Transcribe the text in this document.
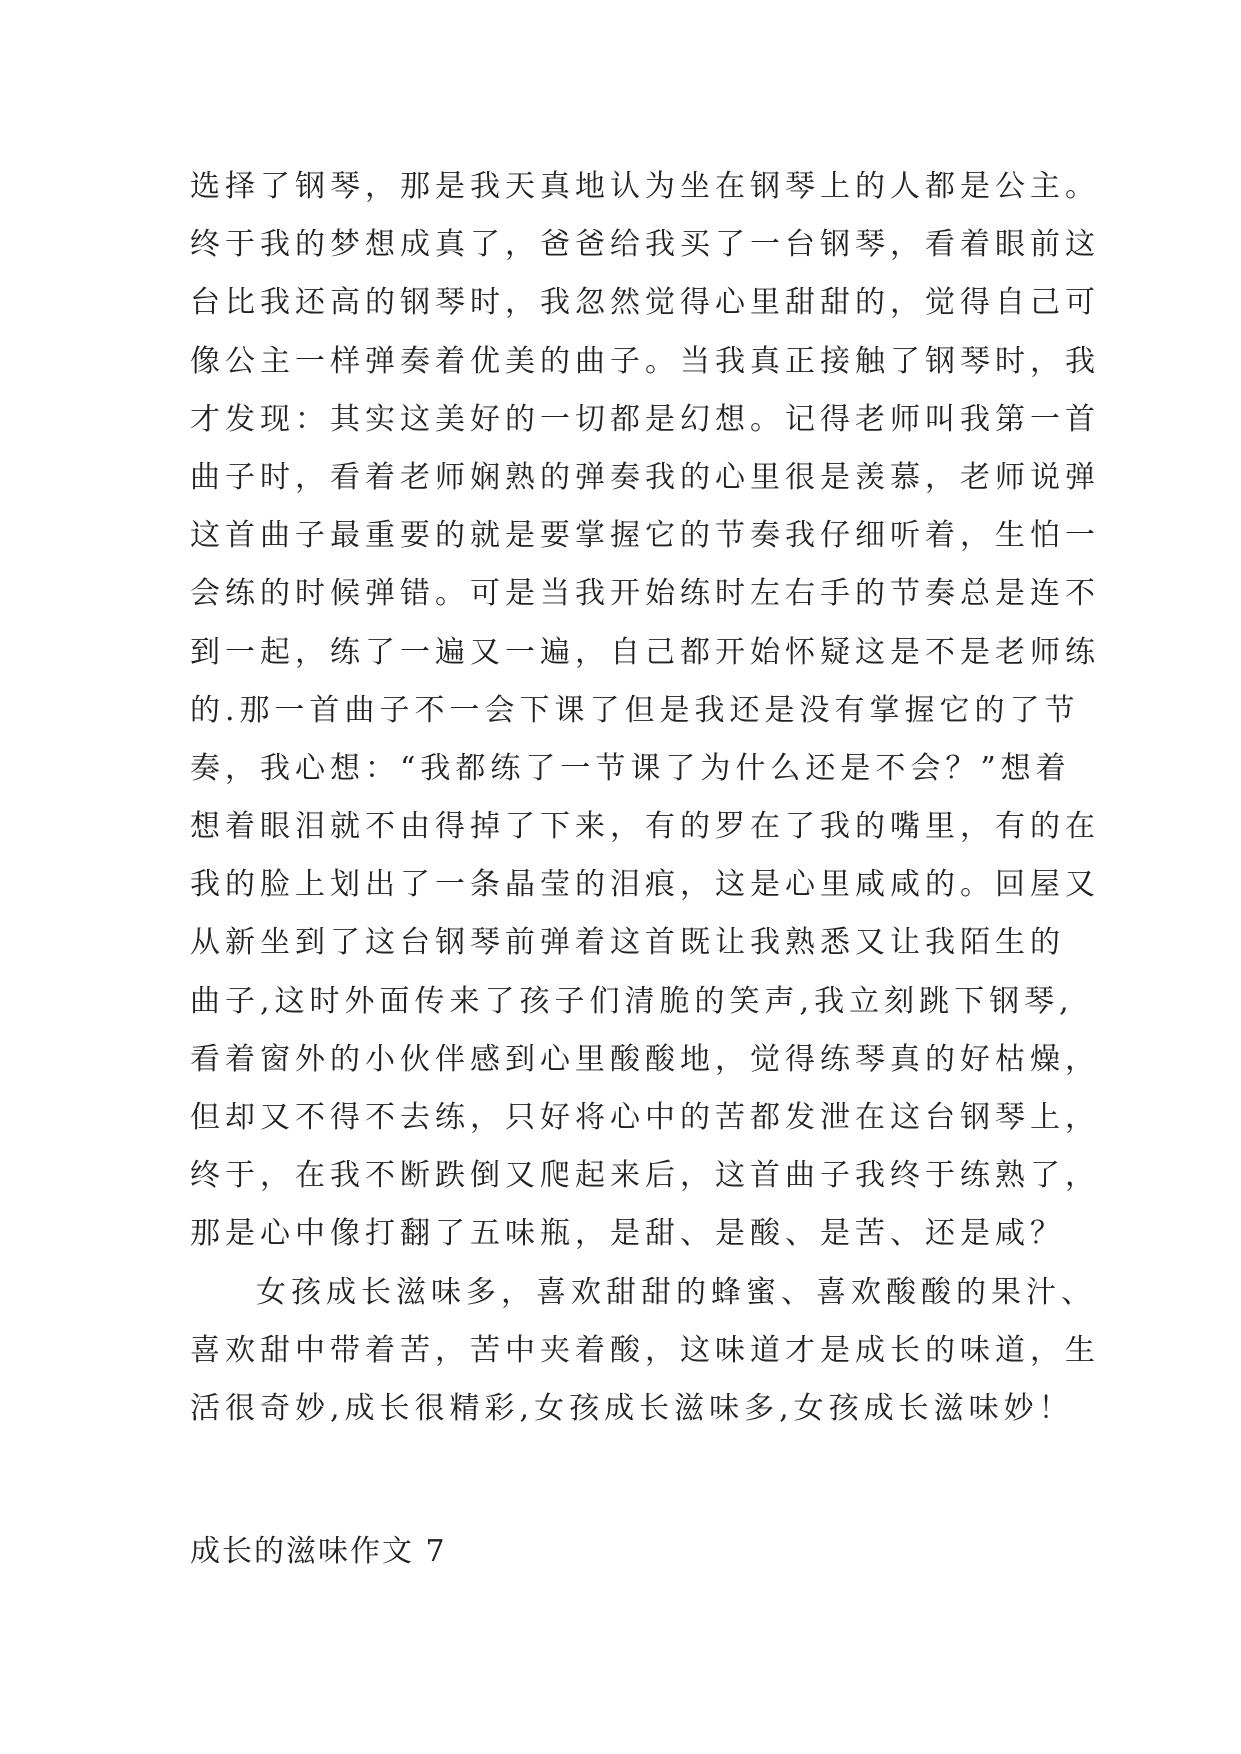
选择了钢琴，那是我天真地认为坐在钢琴上的人都是公主。
终于我的梦想成真了，爸爸给我买了一台钢琴，看着眼前这
台比我还高的钢琴时，我忽然觉得心里甜甜的，觉得自己可
像公主一样弹奏着优美的曲子。当我真正接触了钢琴时，我
才发现：其实这美好的一切都是幻想。记得老师叫我第一首
曲子时，看着老师娴熟的弹奏我的心里很是羡慕，老师说弹
这首曲子最重要的就是要掌握它的节奏我仔细听着，生怕一
会练的时候弹错。可是当我开始练时左右手的节奏总是连不
到一起，练了一遍又一遍，自己都开始怀疑这是不是老师练
的.那一首曲子不一会下课了但是我还是没有掌握它的了节
奏，我心想：“我都练了一节课了为什么还是不会？”想着
想着眼泪就不由得掉了下来，有的罗在了我的嘴里，有的在
我的脸上划出了一条晶莹的泪痕，这是心里咸咸的。回屋又
从新坐到了这台钢琴前弹着这首既让我熟悉又让我陌生的
曲子,这时外面传来了孩子们清脆的笑声,我立刻跳下钢琴,
看着窗外的小伙伴感到心里酸酸地，觉得练琴真的好枯燥，
但却又不得不去练，只好将心中的苦都发泄在这台钢琴上，
终于，在我不断跌倒又爬起来后，这首曲子我终于练熟了，
那是心中像打翻了五味瓶，是甜、是酸、是苦、还是咸？
女孩成长滋味多，喜欢甜甜的蜂蜜、喜欢酸酸的果汁、
喜欢甜中带着苦，苦中夹着酸，这味道才是成长的味道，生
活很奇妙,成长很精彩,女孩成长滋味多,女孩成长滋味妙！
成长的滋味作文 7
